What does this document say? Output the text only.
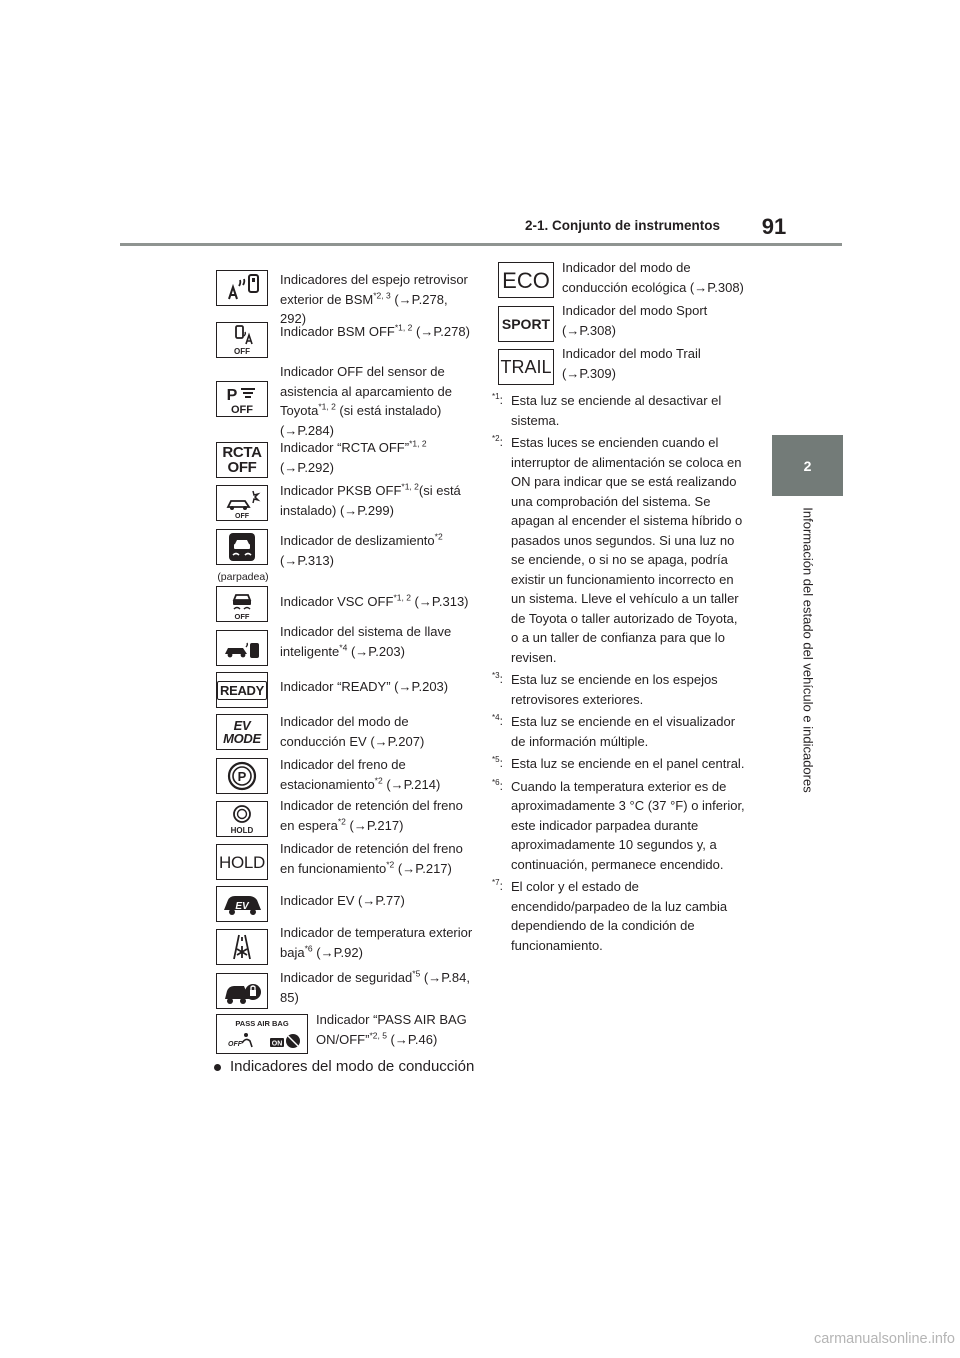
2-1. Conjunto de instrumentos	91
2
Información del estado del vehículo e indicadores
Indicadores del espejo retrovisor exterior de BSM$^{*2, 3}$ (→P.278, 292)
OFF
Indicador BSM OFF$^{*1, 2}$ (→P.278)
P
OFF
Indicador OFF del sensor de asistencia al aparcamiento de Toyota$^{*1, 2}$ (si está instalado) (→P.284)
RCTA OFF
Indicador “RCTA OFF”$^{*1, 2}$ (→P.292)
OFF
Indicador PKSB OFF$^{*1, 2}$(si está instalado) (→P.299)
(parpadea)
Indicador de deslizamiento$^{*2}$ (→P.313)
OFF
Indicador VSC OFF$^{*1, 2}$ (→P.313)
Indicador del sistema de llave inteligente$^{*4}$ (→P.203)
READY Indicador “READY” (→P.203)
EV MODE
Indicador del modo de conducción EV (→P.207)
P
Indicador del freno de estacionamiento$^{*2}$ (→P.214)
HOLD
Indicador de retención del freno en espera$^{*2}$ (→P.217)
HOLD
Indicador de retención del freno en funcionamiento$^{*2}$ (→P.217)
EV Indicador EV (→P.77)
Indicador de temperatura exterior baja$^{*6}$ (→P.92)
Indicador de seguridad$^{*5}$ (→P.84, 85)
PASS AIR BAG
OFF	ON
Indicador “PASS AIR BAG ON/OFF”$^{*2, 5}$ (→P.46)
ECO Indicador del modo de conducción ecológica (→P.308)
SPORT
Indicador del modo Sport (→P.308)
TRAIL
Indicador del modo Trail (→P.309)
Indicadores del modo de conducción
$^{*1}$: Esta luz se enciende al desactivar el sistema.
$^{*2}$: Estas luces se encienden cuando el interruptor de alimentación se coloca en ON para indicar que se está realizando una comprobación del sistema. Se apagan al encender el sistema híbrido o pasados unos segundos. Si una luz no se enciende, o si no se apaga, podría existir un funcionamiento incorrecto en un sistema. Lleve el vehículo a un taller de Toyota o taller autorizado de Toyota, o a un taller de confianza para que lo revisen.
$^{*3}$: Esta luz se enciende en los espejos retrovisores exteriores.
$^{*4}$: Esta luz se enciende en el visualizador de información múltiple.
$^{*5}$: Esta luz se enciende en el panel central.
$^{*6}$: Cuando la temperatura exterior es de aproximadamente 3 °C (37 °F) o inferior, este indicador parpadea durante aproximadamente 10 segundos y, a continuación, permanece encendido.
$^{*7}$: El color y el estado de encendido/parpadeo de la luz cambia dependiendo de la condición de funcionamiento.
carmanualsonline.info
